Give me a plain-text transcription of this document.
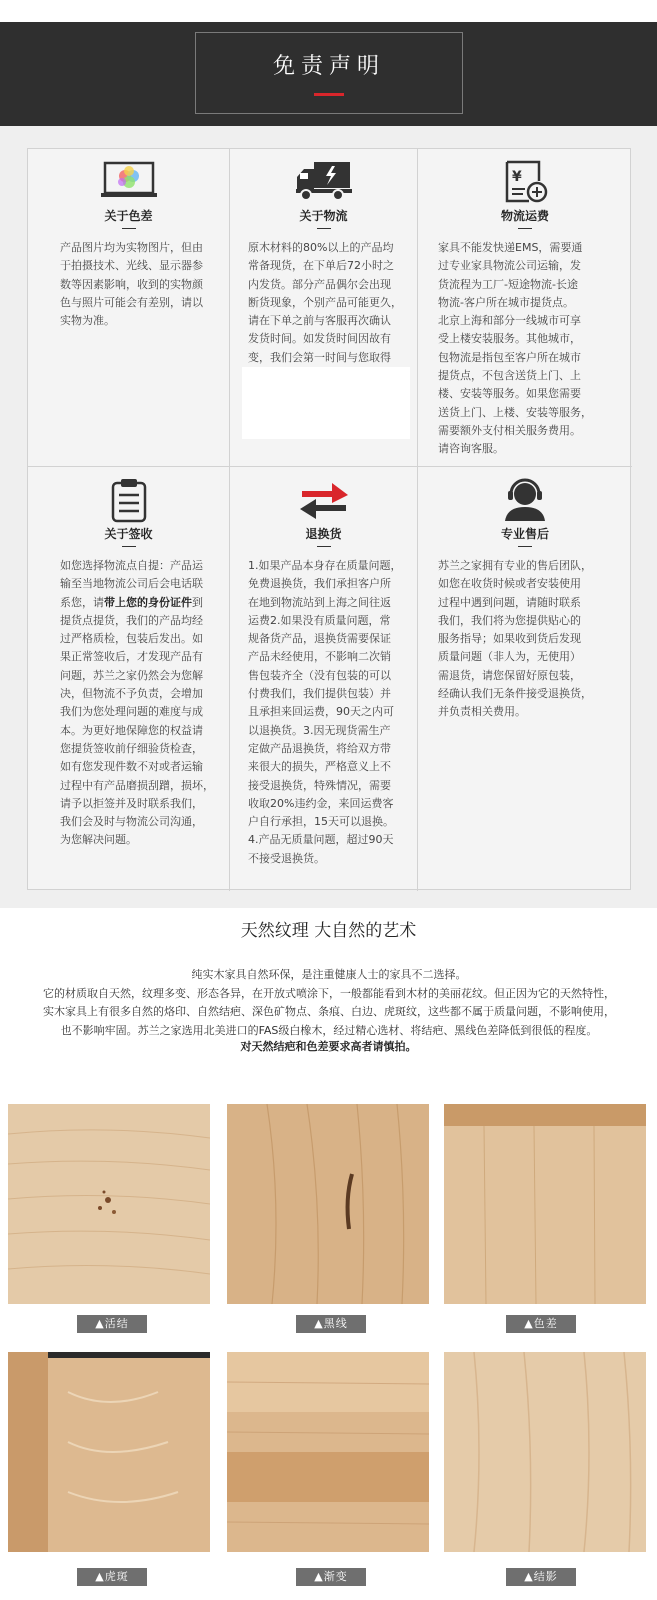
免责声明
关于色差
产品图片均为实物图片，但由
于拍摄技术、光线、显示器参
数等因素影响，收到的实物颜
色与照片可能会有差别，请以
实物为准。
关于物流
原木材料的80%以上的产品均
常备现货，在下单后72小时之
内发货。部分产品偶尔会出现
断货现象，个别产品可能更久，
请在下单之前与客服再次确认
发货时间。如发货时间因故有
变，我们会第一时间与您取得
¥
物流运费
家具不能发快递EMS，需要通
过专业家具物流公司运输，发
货流程为工厂-短途物流-长途
物流-客户所在城市提货点。
北京上海和部分一线城市可享
受上楼安装服务。其他城市，
包物流是指包至客户所在城市
提货点，不包含送货上门、上
楼、安装等服务。如果您需要
送货上门、上楼、安装等服务，
需要额外支付相关服务费用。
请咨询客服。
关于签收
如您选择物流点自提：产品运
输至当地物流公司后会电话联
系您，请带上您的身份证件到
提货点提货，我们的产品均经
过严格质检，包装后发出。如
果正常签收后，才发现产品有
问题，苏兰之家仍然会为您解
决，但物流不予负责，会增加
我们为您处理问题的难度与成
本。为更好地保障您的权益请
您提货签收前仔细验货检查，
如有您发现件数不对或者运输
过程中有产品磨损刮蹭，损坏，
请予以拒签并及时联系我们，
我们会及时与物流公司沟通，
为您解决问题。
退换货
1.如果产品本身存在质量问题，
免费退换货，我们承担客户所
在地到物流站到上海之间往返
运费2.如果没有质量问题，常
规备货产品，退换货需要保证
产品未经使用，不影响二次销
售包装齐全（没有包装的可以
付费我们，我们提供包装）并
且承担来回运费，90天之内可
以退换货。3.因无现货需生产
定做产品退换货，将给双方带
来很大的损失，严格意义上不
接受退换货，特殊情况，需要
收取20%违约金，来回运费客
户自行承担，15天可以退换。
4.产品无质量问题，超过90天
不接受退换货。
专业售后
苏兰之家拥有专业的售后团队，
如您在收货时候或者安装使用
过程中遇到问题，请随时联系
我们，我们将为您提供贴心的
服务指导；如果收到货后发现
质量问题（非人为，无使用）
需退货，请您保留好原包装，
经确认我们无条件接受退换货，
并负责相关费用。
天然纹理 大自然的艺术
纯实木家具自然环保，是注重健康人士的家具不二选择。
它的材质取自天然，纹理多变、形态各异，在开放式喷涂下，一般都能看到木材的美丽花纹。但正因为它的天然特性，
实木家具上有很多自然的烙印、自然结疤、深色矿物点、条痕、白边、虎斑纹，这些都不属于质量问题，不影响使用，
也不影响牢固。苏兰之家选用北美进口的FAS级白橡木，经过精心选材、将结疤、黑线色差降低到很低的程度。
对天然结疤和色差要求高者请慎拍。
▲活结	▲黑线	▲色差
▲虎斑	▲渐变	▲结影
